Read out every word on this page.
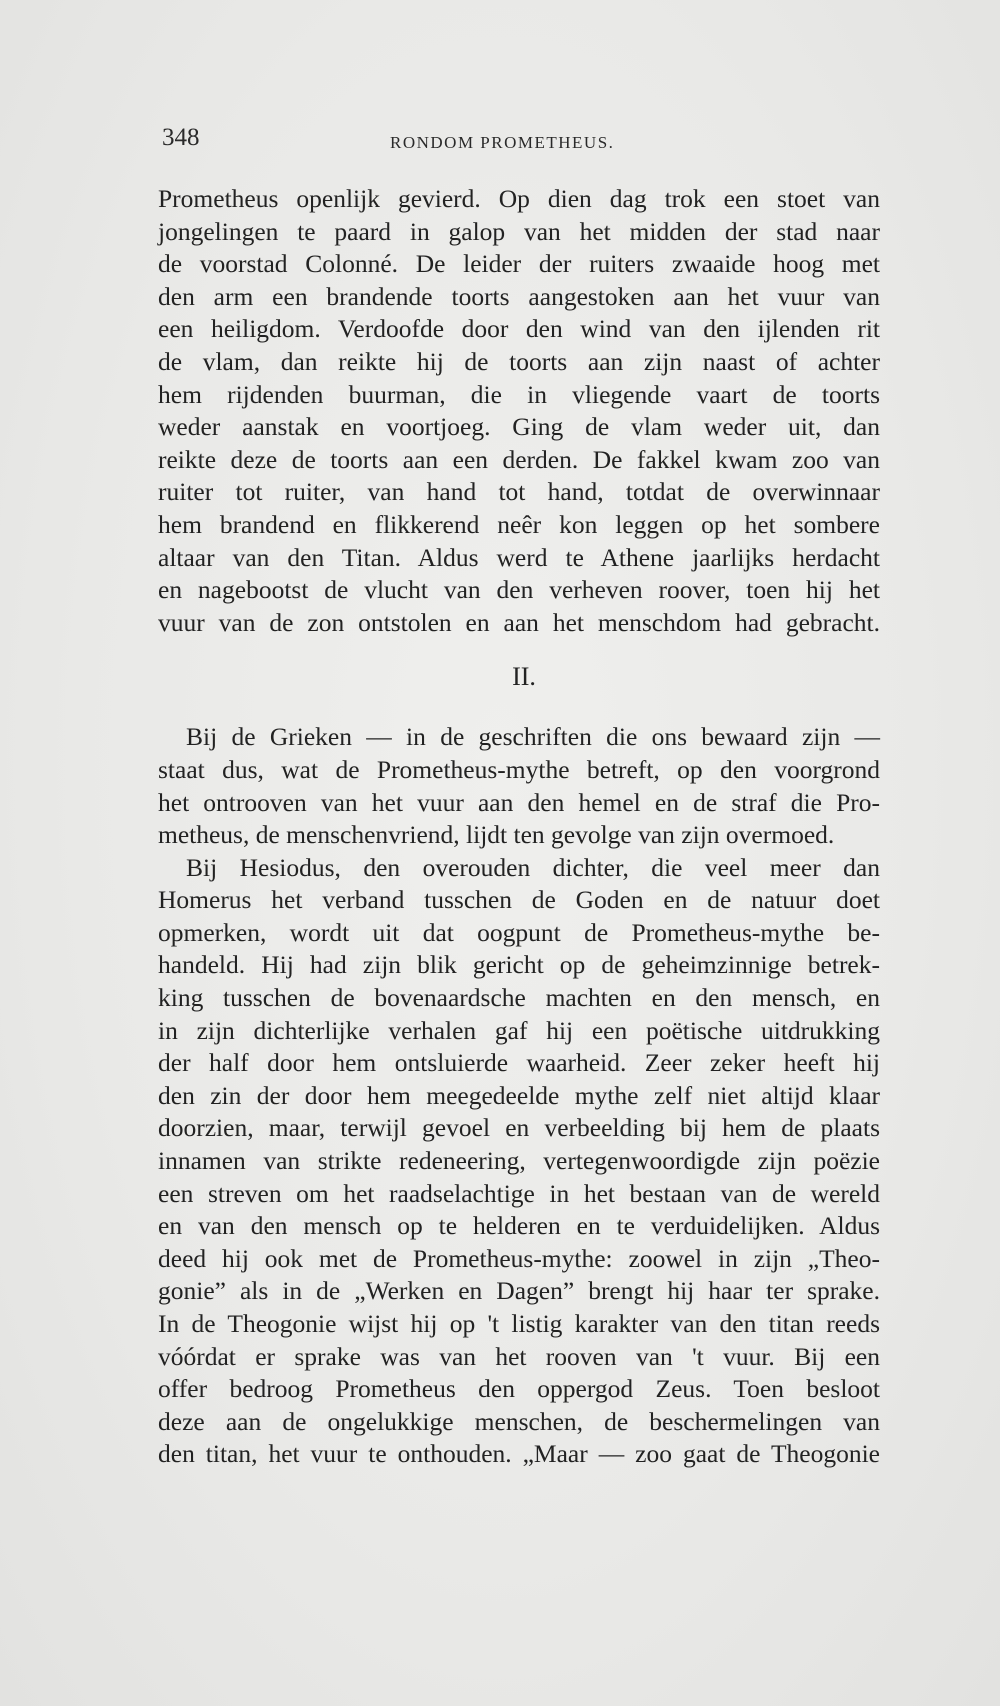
348	RONDOM PROMETHEUS.
Prometheus openlijk gevierd. Op dien dag trok een stoet van
jongelingen te paard in galop van het midden der stad naar
de voorstad Colonné. De leider der ruiters zwaaide hoog met
den arm een brandende toorts aangestoken aan het vuur van
een heiligdom. Verdoofde door den wind van den ijlenden rit
de vlam, dan reikte hij de toorts aan zijn naast of achter
hem rijdenden buurman, die in vliegende vaart de toorts
weder aanstak en voortjoeg. Ging de vlam weder uit, dan
reikte deze de toorts aan een derden. De fakkel kwam zoo van
ruiter tot ruiter, van hand tot hand, totdat de overwinnaar
hem brandend en flikkerend neêr kon leggen op het sombere
altaar van den Titan. Aldus werd te Athene jaarlijks herdacht
en nagebootst de vlucht van den verheven roover, toen hij het
vuur van de zon ontstolen en aan het menschdom had gebracht.
II.
Bij de Grieken — in de geschriften die ons bewaard zijn —
staat dus, wat de Prometheus-mythe betreft, op den voorgrond
het ontrooven van het vuur aan den hemel en de straf die Pro-
metheus, de menschenvriend, lijdt ten gevolge van zijn overmoed.
Bij Hesiodus, den overouden dichter, die veel meer dan
Homerus het verband tusschen de Goden en de natuur doet
opmerken, wordt uit dat oogpunt de Prometheus-mythe be-
handeld. Hij had zijn blik gericht op de geheimzinnige betrek-
king tusschen de bovenaardsche machten en den mensch, en
in zijn dichterlijke verhalen gaf hij een poëtische uitdrukking
der half door hem ontsluierde waarheid. Zeer zeker heeft hij
den zin der door hem meegedeelde mythe zelf niet altijd klaar
doorzien, maar, terwijl gevoel en verbeelding bij hem de plaats
innamen van strikte redeneering, vertegenwoordigde zijn poëzie
een streven om het raadselachtige in het bestaan van de wereld
en van den mensch op te helderen en te verduidelijken. Aldus
deed hij ook met de Prometheus-mythe: zoowel in zijn „Theo-
gonie” als in de „Werken en Dagen” brengt hij haar ter sprake.
In de Theogonie wijst hij op 't listig karakter van den titan reeds
vóórdat er sprake was van het rooven van 't vuur. Bij een
offer bedroog Prometheus den oppergod Zeus. Toen besloot
deze aan de ongelukkige menschen, de beschermelingen van
den titan, het vuur te onthouden. „Maar — zoo gaat de Theogonie
